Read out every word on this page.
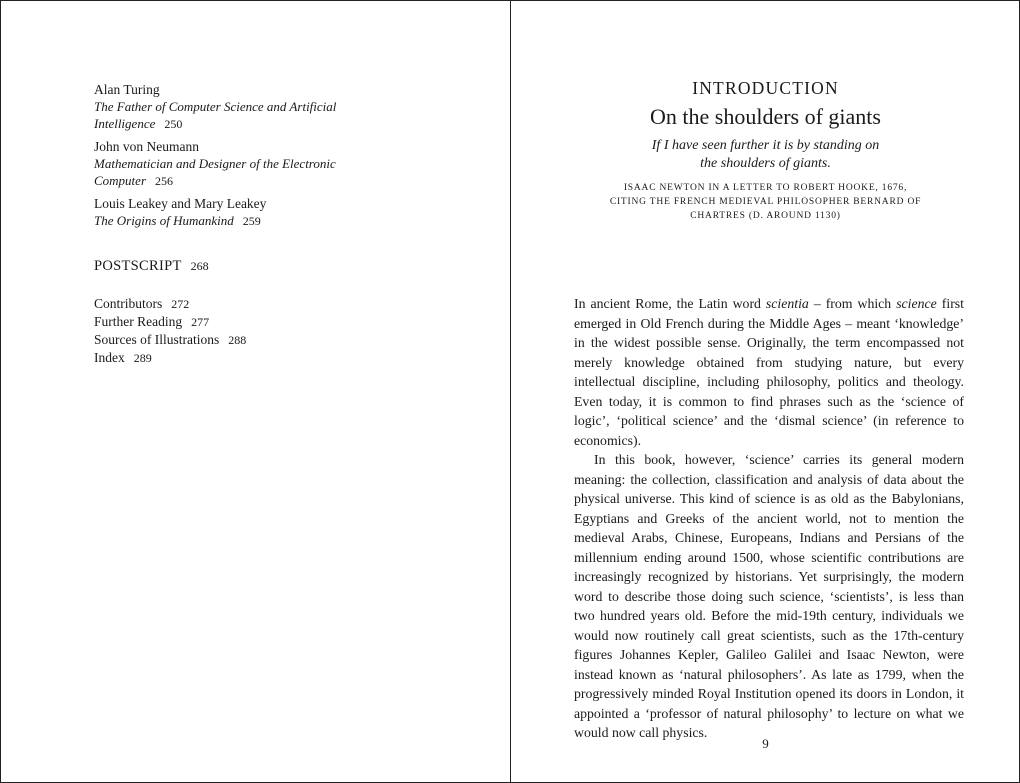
Alan Turing
The Father of Computer Science and Artificial
Intelligence 250
John von Neumann
Mathematician and Designer of the Electronic
Computer 256
Louis Leakey and Mary Leakey
The Origins of Humankind 259
POSTSCRIPT 268
Contributors 272
Further Reading 277
Sources of Illustrations 288
Index 289
INTRODUCTION
On the shoulders of giants
If I have seen further it is by standing on
the shoulders of giants.
ISAAC NEWTON IN A LETTER TO ROBERT HOOKE, 1676,
CITING THE FRENCH MEDIEVAL PHILOSOPHER BERNARD OF
CHARTRES (D. AROUND 1130)

In ancient Rome, the Latin word scientia – from which science first emerged in Old French during the Middle Ages – meant ‘knowledge’ in the widest possible sense. Originally, the term encompassed not merely knowledge obtained from studying nature, but every intellectual discipline, including philosophy, politics and theology. Even today, it is common to find phrases such as the ‘science of logic’, ‘political science’ and the ‘dismal science’ (in reference to economics).

In this book, however, ‘science’ carries its general modern meaning: the collection, classification and analysis of data about the physical universe. This kind of science is as old as the Babylonians, Egyptians and Greeks of the ancient world, not to mention the medieval Arabs, Chinese, Europeans, Indians and Persians of the millennium ending around 1500, whose scientific contributions are increasingly recognized by historians. Yet surprisingly, the modern word to describe those doing such science, ‘scientists’, is less than two hundred years old. Before the mid-19th century, individuals we would now routinely call great scientists, such as the 17th-century figures Johannes Kepler, Galileo Galilei and Isaac Newton, were instead known as ‘natural philosophers’. As late as 1799, when the progressively minded Royal Institution opened its doors in London, it appointed a ‘professor of natural philosophy’ to lecture on what we would now call physics.

9
